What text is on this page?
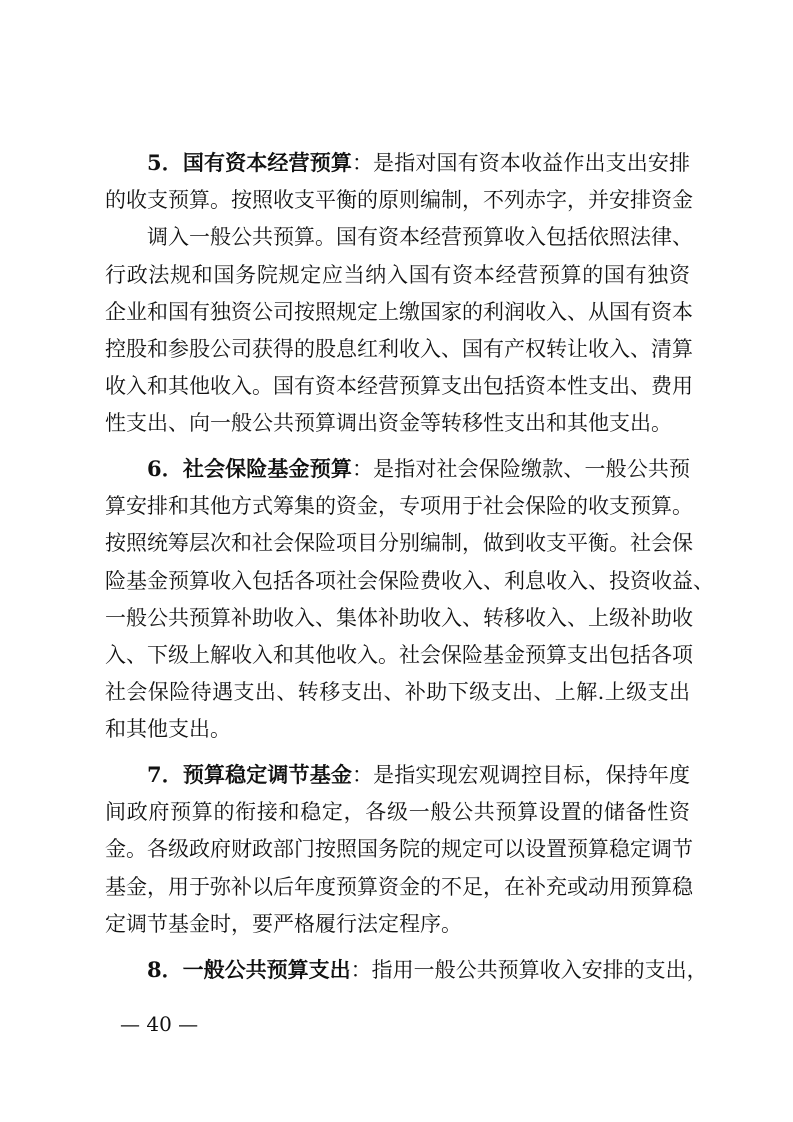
5．国有资本经营预算：是指对国有资本收益作出支出安排
的收支预算。按照收支平衡的原则编制，不列赤字，并安排资金
调入一般公共预算。国有资本经营预算收入包括依照法律、
行政法规和国务院规定应当纳入国有资本经营预算的国有独资
企业和国有独资公司按照规定上缴国家的利润收入、从国有资本
控股和参股公司获得的股息红利收入、国有产权转让收入、清算
收入和其他收入。国有资本经营预算支出包括资本性支出、费用
性支出、向一般公共预算调出资金等转移性支出和其他支出。
6．社会保险基金预算：是指对社会保险缴款、一般公共预
算安排和其他方式筹集的资金，专项用于社会保险的收支预算。
按照统筹层次和社会保险项目分别编制，做到收支平衡。社会保
险基金预算收入包括各项社会保险费收入、利息收入、投资收益、
一般公共预算补助收入、集体补助收入、转移收入、上级补助收
入、下级上解收入和其他收入。社会保险基金预算支出包括各项
社会保险待遇支出、转移支出、补助下级支出、上解.上级支出
和其他支出。
7．预算稳定调节基金：是指实现宏观调控目标，保持年度
间政府预算的衔接和稳定，各级一般公共预算设置的储备性资
金。各级政府财政部门按照国务院的规定可以设置预算稳定调节
基金，用于弥补以后年度预算资金的不足，在补充或动用预算稳
定调节基金时，要严格履行法定程序。
8．一般公共预算支出：指用一般公共预算收入安排的支出，
— 40 —
